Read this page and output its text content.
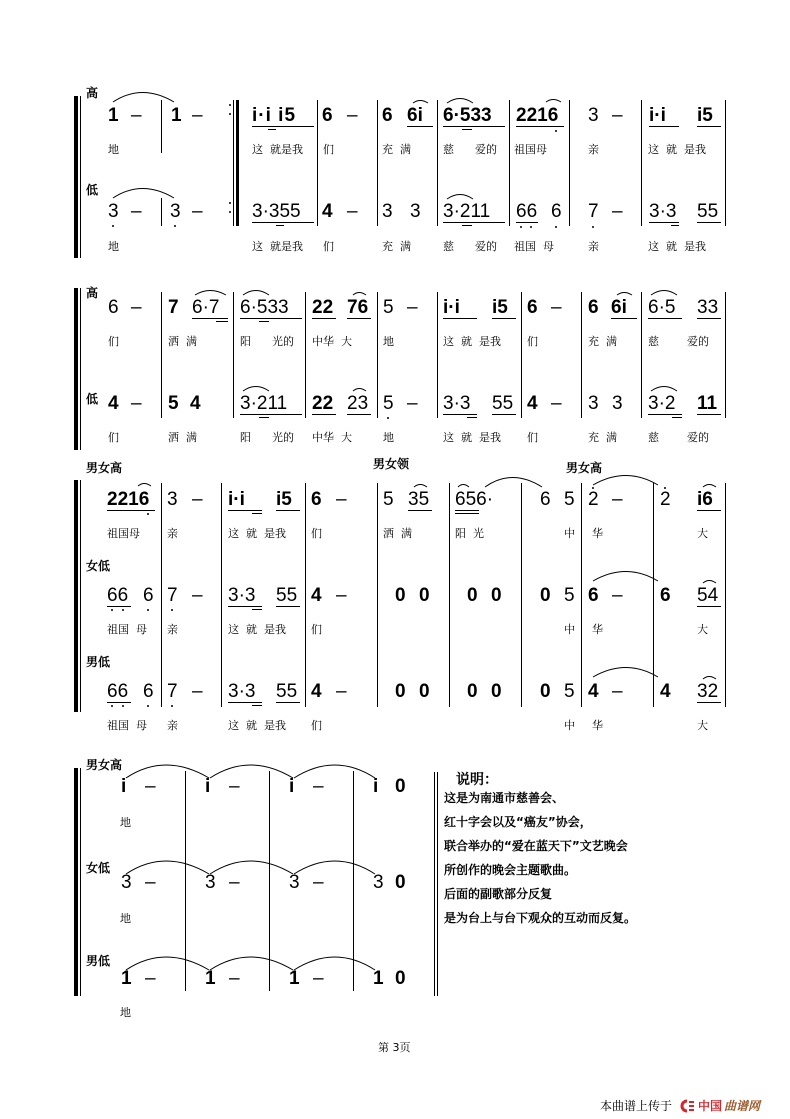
高
低
1 – 1 –	i·i i5 6 – 6 6i 6·533 2216 3 – i·i i5
地	这  就是我 们	充  满	慈      爱的 祖国母	亲	这  就  是我
3 – 3 –	3·355 4 – 3 3 3·211 66 6 7 – 3·3 55
地	这  就是我 们	充  满	慈      爱的 祖国  母	亲	这  就  是我
高
低
6 – 7 6·7 6·533 22 76 5 – i·i i5 6 – 6 6i 6·5 33
们	洒  满	阳      光的 中华  大	地	这  就  是我 们	充  满	慈        爱的
4 – 5 4 3·211 22 23 5 – 3·3 55 4 – 3 3 3·2 11
们	洒  满	阳      光的 中华  大	地	这  就  是我 们	充  满	慈        爱的
男女高	男女领	男女高
女低
男低
2216 3 – i·i i5 6 – 5 35 656· 6 5 2 – 2 i6
祖国母 亲	这  就  是我 们	洒  满	阳  光	中 华	大
66 6 7 – 3·3 55 4 –	0 0 0 0 0 5 6 – 6 54
祖国  母 亲	这  就  是我 们	中 华	大
66 6 7 – 3·3 55 4 –	0 0 0 0 0 5 4 – 4 32
祖国  母 亲	这  就  是我 们	中 华	大
男女高
女低
男低
i –	i –	i –	i 0
地
3 –	3 –	3 –	3 0
地
1 –	1 –	1 –	1 0
地
说明：
这是为南通市慈善会、
红十字会以及“癌友”协会，
联合举办的“爱在蓝天下”文艺晚会
所创作的晚会主题歌曲。
后面的副歌部分反复
是为台上与台下观众的互动而反复。
第 3页
本曲谱上传于 中国 曲谱网
